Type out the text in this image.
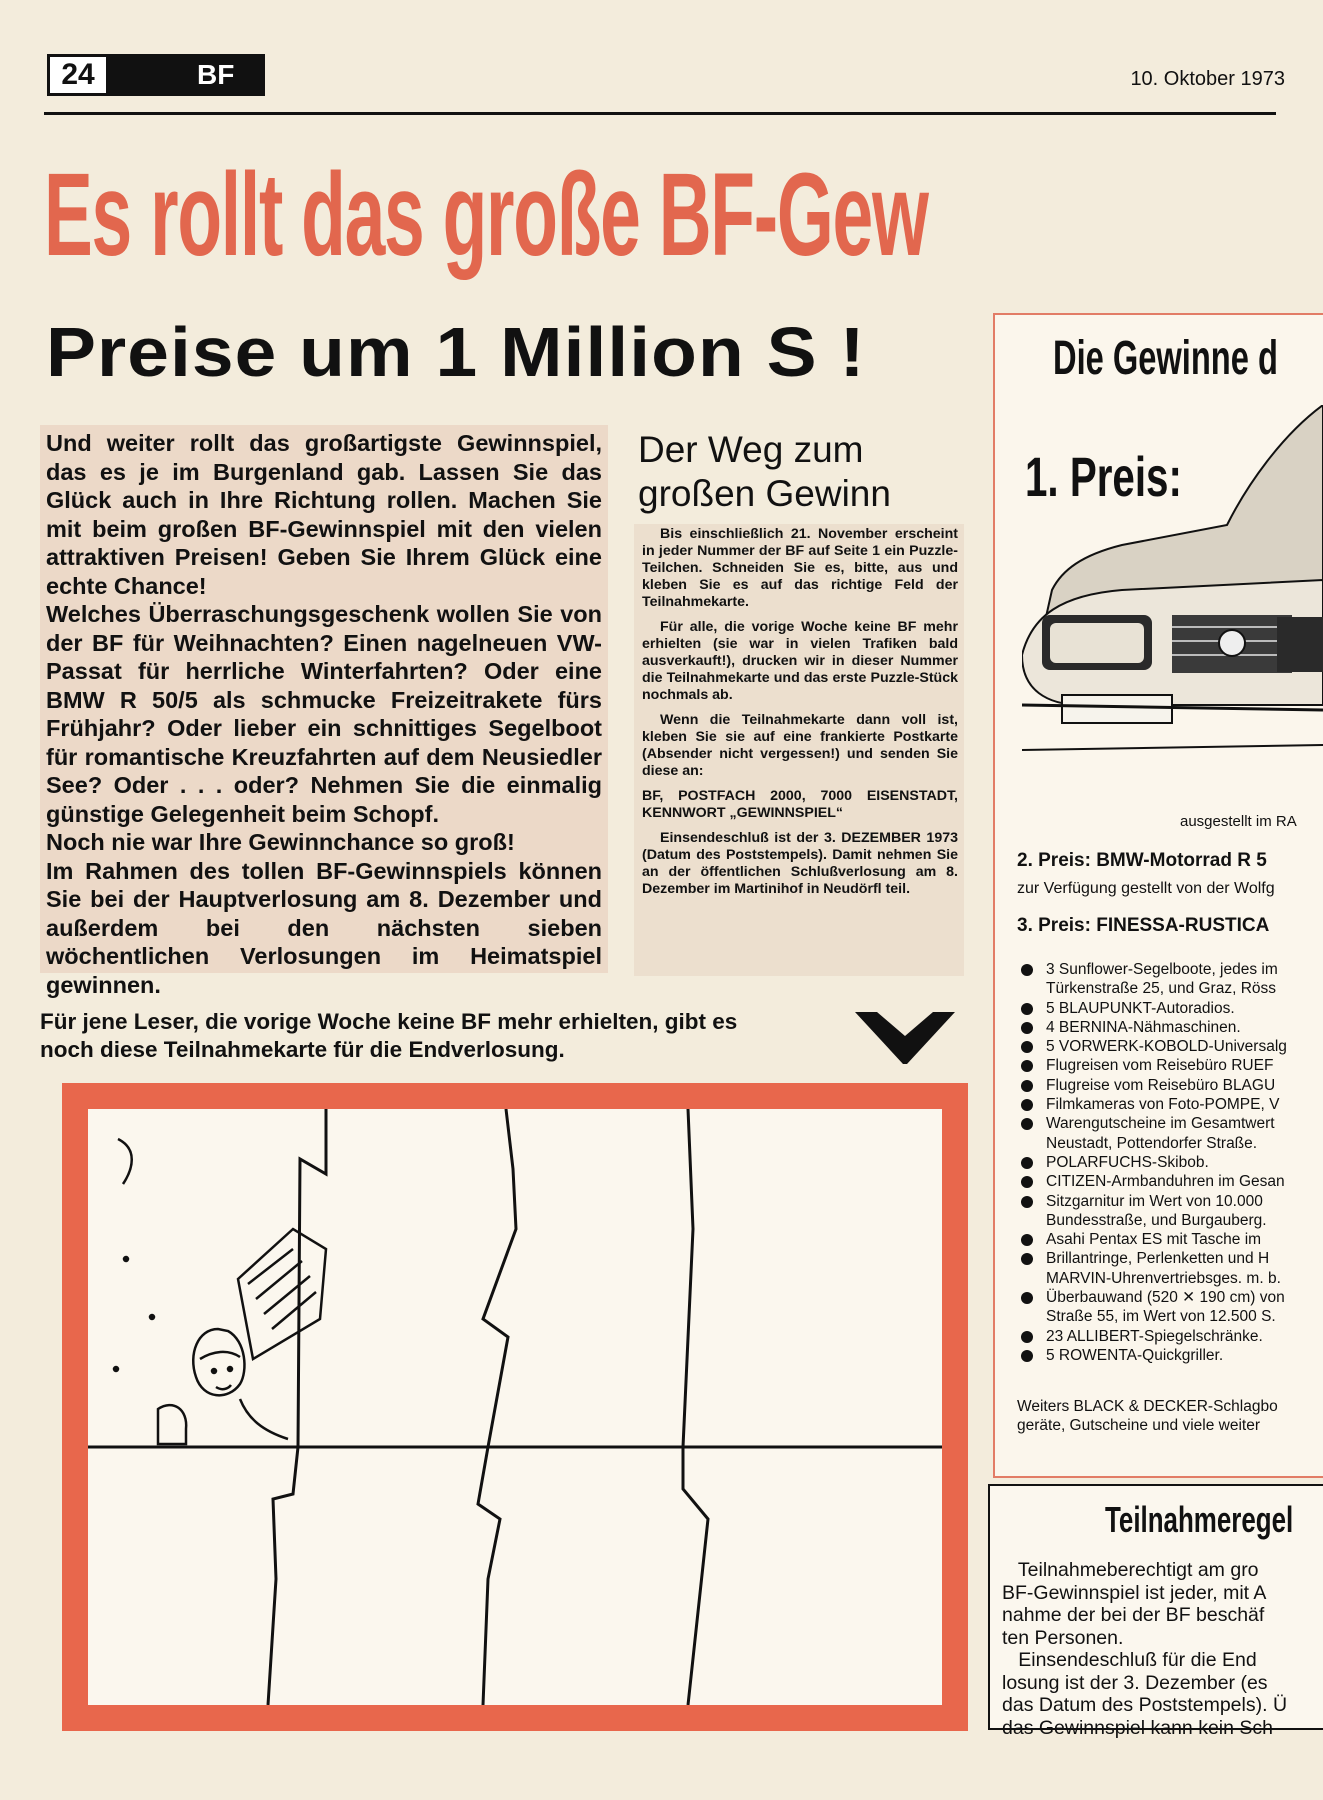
24	BF	10. Oktober 1973
Es rollt das große BF-Gew
Preise um 1 Million S !

Und weiter rollt das großartigste Gewinnspiel, das es je im Burgenland gab. Lassen Sie das Glück auch in Ihre Richtung rollen. Machen Sie mit beim großen BF-Gewinnspiel mit den vielen attraktiven Preisen! Geben Sie Ihrem Glück eine echte Chance!

Welches Überraschungsgeschenk wollen Sie von der BF für Weihnachten? Einen nagelneuen VW-Passat für herrliche Winterfahrten? Oder eine BMW R 50/5 als schmucke Freizeitrakete fürs Frühjahr? Oder lieber ein schnittiges Segelboot für romantische Kreuzfahrten auf dem Neusiedler See? Oder . . . oder? Nehmen Sie die einmalig günstige Gelegenheit beim Schopf.

Noch nie war Ihre Gewinnchance so groß!

Im Rahmen des tollen BF-Gewinnspiels können Sie bei der Hauptverlosung am 8. Dezember und außerdem bei den nächsten sieben wöchentlichen Verlosungen im Heimatspiel gewinnen.

Der Weg zum
großen Gewinn

Bis einschließlich 21. November erscheint in jeder Nummer der BF auf Seite 1 ein Puzzle-Teilchen. Schneiden Sie es, bitte, aus und kleben Sie es auf das richtige Feld der Teilnahmekarte.

Für alle, die vorige Woche keine BF mehr erhielten (sie war in vielen Trafiken bald ausverkauft!), drucken wir in dieser Nummer die Teilnahmekarte und das erste Puzzle-Stück nochmals ab.

Wenn die Teilnahmekarte dann voll ist, kleben Sie sie auf eine frankierte Postkarte (Absender nicht vergessen!) und senden Sie diese an:

BF, POSTFACH 2000, 7000 EISENSTADT, KENNWORT „GEWINNSPIEL“

Einsendeschluß ist der 3. DEZEMBER 1973 (Datum des Poststempels). Damit nehmen Sie an der öffentlichen Schlußverlosung am 8. Dezember im Martinihof in Neudörfl teil.

Für jene Leser, die vorige Woche keine BF mehr erhielten, gibt es
noch diese Teilnahmekarte für die Endverlosung.
Die Gewinne d
1. Preis:
ausgestellt im RA
2. Preis: BMW-Motorrad R 5
zur Verfügung gestellt von der Wolfg
3. Preis: FINESSA-RUSTICA
3 Sunflower-Segelboote, jedes im
Türkenstraße 25, und Graz, Röss
5 BLAUPUNKT-Autoradios.
4 BERNINA-Nähmaschinen.
5 VORWERK-KOBOLD-Universalg
Flugreisen vom Reisebüro RUEF
Flugreise vom Reisebüro BLAGU
Filmkameras von Foto-POMPE, V
Warengutscheine im Gesamtwert
Neustadt, Pottendorfer Straße.
POLARFUCHS-Skibob.
CITIZEN-Armbanduhren im Gesan
Sitzgarnitur im Wert von 10.000
Bundesstraße, und Burgauberg.
Asahi Pentax ES mit Tasche im
Brillantringe, Perlenketten und H
MARVIN-Uhrenvertriebsges. m. b.
Überbauwand (520 ✕ 190 cm) von
Straße 55, im Wert von 12.500 S.
23 ALLIBERT-Spiegelschränke.
5 ROWENTA-Quickgriller.
Weiters BLACK & DECKER-Schlagbo
geräte, Gutscheine und viele weiter
Teilnahmeregel
Teilnahmeberechtigt am gro
BF-Gewinnspiel ist jeder, mit A
nahme der bei der BF beschäf
ten Personen.
Einsendeschluß für die End
losung ist der 3. Dezember (es
das Datum des Poststempels). Ü
das Gewinnspiel kann kein Sch
